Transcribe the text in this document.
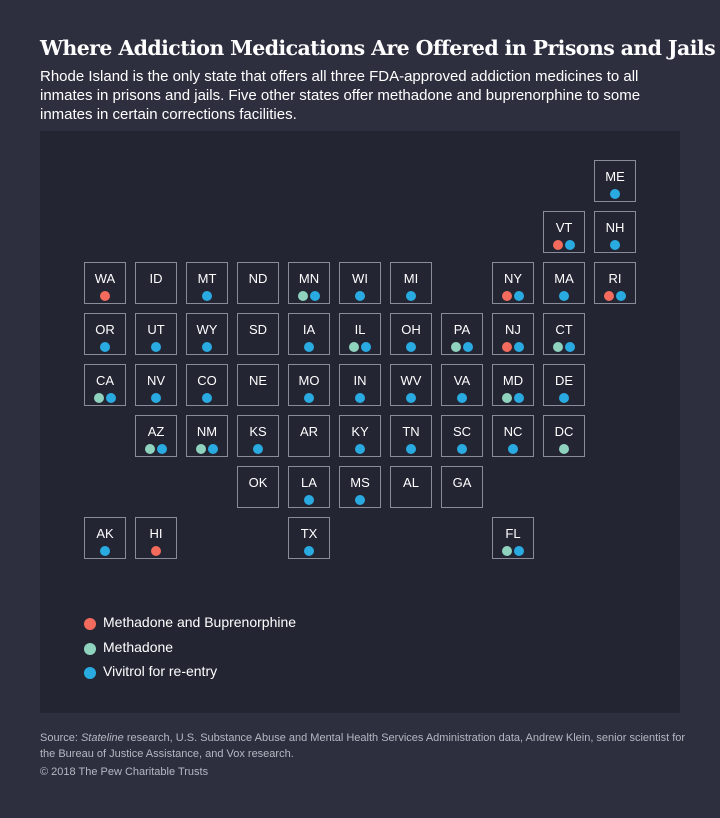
Where Addiction Medications Are Offered in Prisons and Jails

Rhode Island is the only state that offers all three FDA-approved addiction medicines to all inmates in prisons and jails. Five other states offer methadone and buprenorphine to some inmates in certain corrections facilities.

ME
VT	NH
WA	ID	MT	ND	MN	WI	MI	NY	MA	RI
OR	UT	WY	SD	IA	IL	OH	PA	NJ	CT
CA	NV	CO	NE	MO	IN	WV	VA	MD	DE
AZ	NM	KS	AR	KY	TN	SC	NC	DC
OK	LA	MS	AL	GA
AK	HI	TX	FL
Methadone and Buprenorphine
Methadone
Vivitrol for re-entry

Source: Stateline research, U.S. Substance Abuse and Mental Health Services Administration data, Andrew Klein, senior scientist for the Bureau of Justice Assistance, and Vox research.

© 2018 The Pew Charitable Trusts
